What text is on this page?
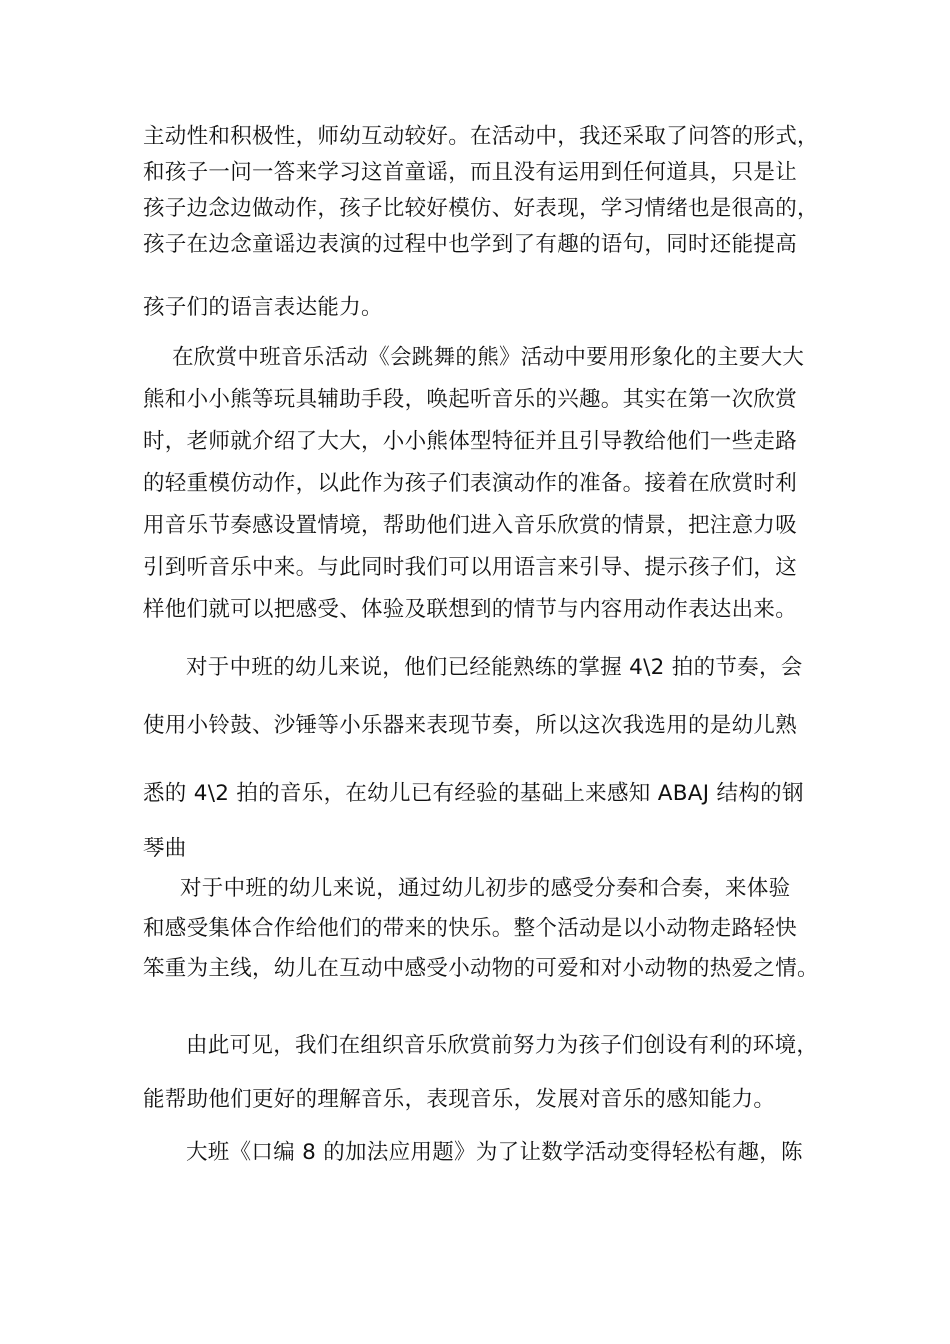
主动性和积极性，师幼互动较好。在活动中，我还采取了问答的形式，
和孩子一问一答来学习这首童谣，而且没有运用到任何道具，只是让
孩子边念边做动作，孩子比较好模仿、好表现，学习情绪也是很高的，
孩子在边念童谣边表演的过程中也学到了有趣的语句，同时还能提高
孩子们的语言表达能力。
在欣赏中班音乐活动《会跳舞的熊》活动中要用形象化的主要大大
熊和小小熊等玩具辅助手段，唤起听音乐的兴趣。其实在第一次欣赏
时，老师就介绍了大大，小小熊体型特征并且引导教给他们一些走路
的轻重模仿动作，以此作为孩子们表演动作的准备。接着在欣赏时利
用音乐节奏感设置情境，帮助他们进入音乐欣赏的情景，把注意力吸
引到听音乐中来。与此同时我们可以用语言来引导、提示孩子们，这
样他们就可以把感受、体验及联想到的情节与内容用动作表达出来。
对于中班的幼儿来说，他们已经能熟练的掌握 4\2 拍的节奏，会
使用小铃鼓、沙锤等小乐器来表现节奏，所以这次我选用的是幼儿熟
悉的 4\2 拍的音乐，在幼儿已有经验的基础上来感知 ABAJ 结构的钢
琴曲
对于中班的幼儿来说，通过幼儿初步的感受分奏和合奏，来体验
和感受集体合作给他们的带来的快乐。整个活动是以小动物走路轻快
笨重为主线，幼儿在互动中感受小动物的可爱和对小动物的热爱之情。
由此可见，我们在组织音乐欣赏前努力为孩子们创设有利的环境，
能帮助他们更好的理解音乐，表现音乐，发展对音乐的感知能力。
大班《口编 8 的加法应用题》为了让数学活动变得轻松有趣，陈
